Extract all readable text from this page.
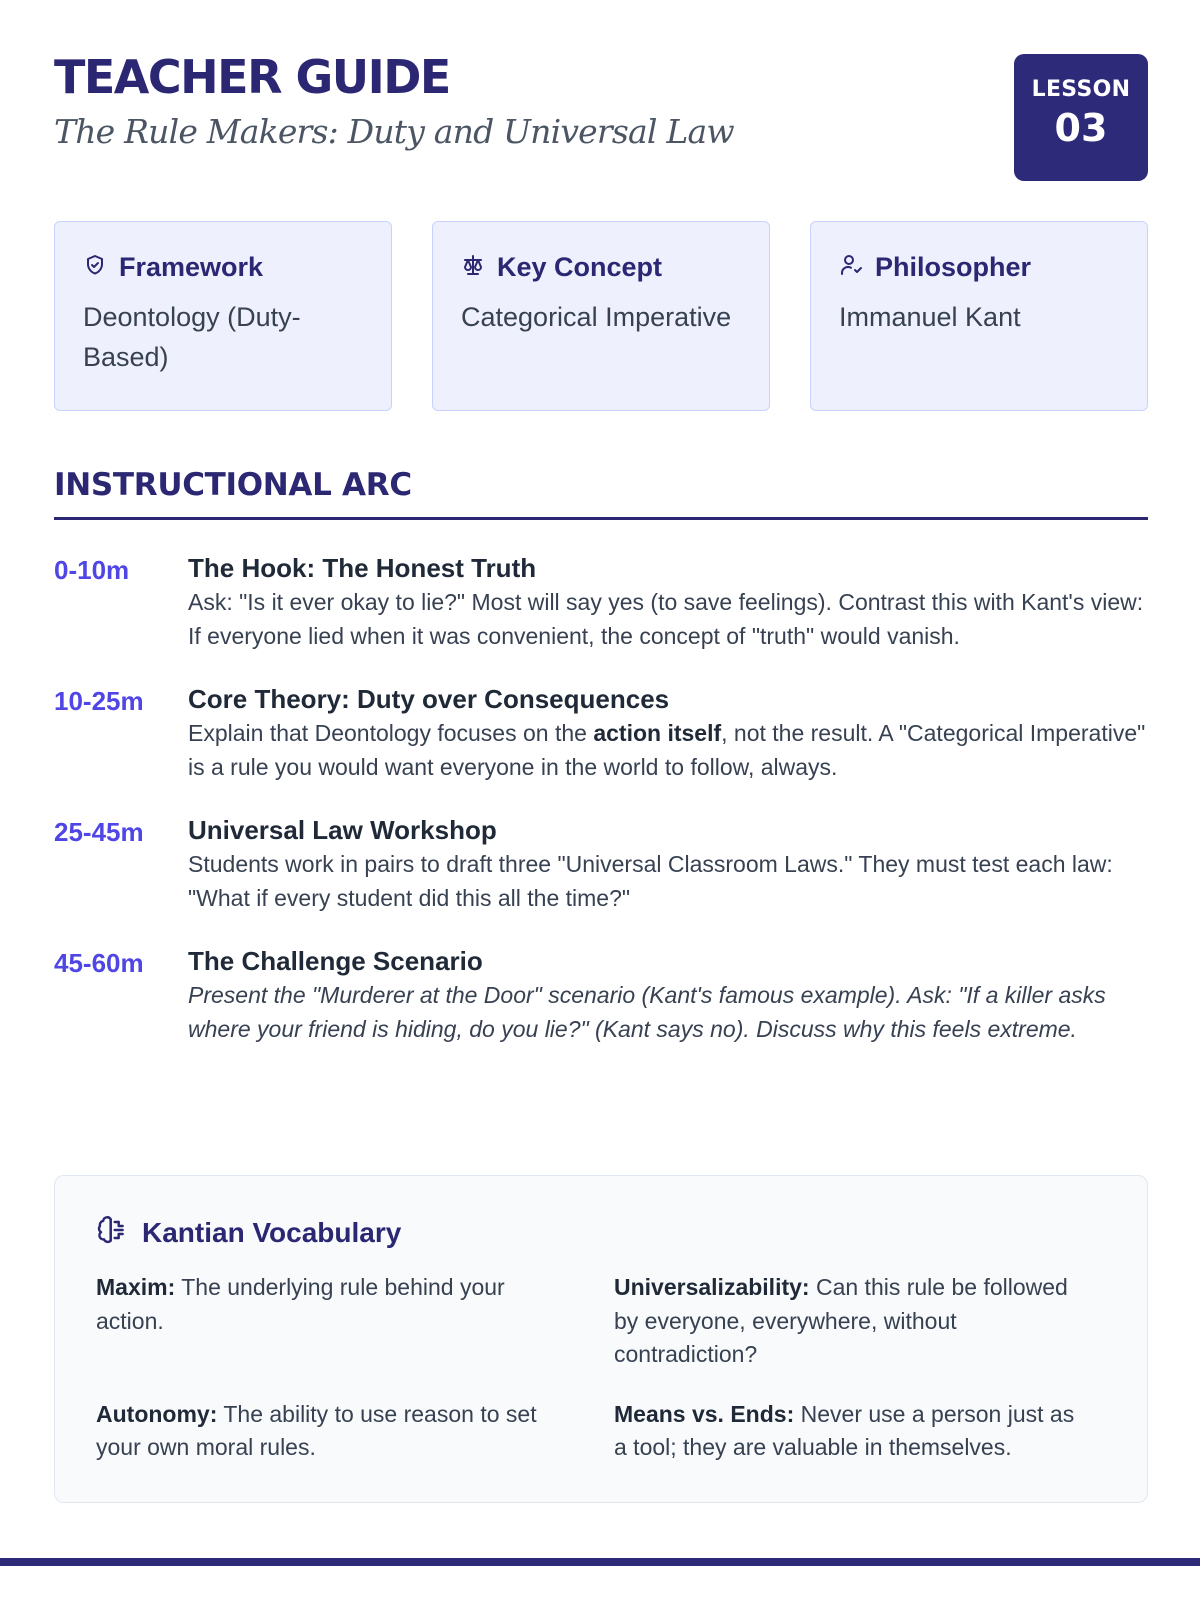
TEACHER GUIDE
The Rule Makers: Duty and Universal Law
LESSON
03
Framework
Deontology (Duty-Based)
Key Concept
Categorical Imperative
Philosopher
Immanuel Kant
INSTRUCTIONAL ARC
0-10m	The Hook: The Honest Truth
Ask: "Is it ever okay to lie?" Most will say yes (to save feelings). Contrast this with Kant's view: If everyone lied when it was convenient, the concept of "truth" would vanish.
10-25m	Core Theory: Duty over Consequences
Explain that Deontology focuses on the action itself, not the result. A "Categorical Imperative" is a rule you would want everyone in the world to follow, always.
25-45m	Universal Law Workshop
Students work in pairs to draft three "Universal Classroom Laws." They must test each law: "What if every student did this all the time?"
45-60m	The Challenge Scenario
Present the "Murderer at the Door" scenario (Kant's famous example). Ask: "If a killer asks where your friend is hiding, do you lie?" (Kant says no). Discuss why this feels extreme.
Kantian Vocabulary
Maxim: The underlying rule behind your action.
Universalizability: Can this rule be followed by everyone, everywhere, without contradiction?
Autonomy: The ability to use reason to set your own moral rules.
Means vs. Ends: Never use a person just as a tool; they are valuable in themselves.
